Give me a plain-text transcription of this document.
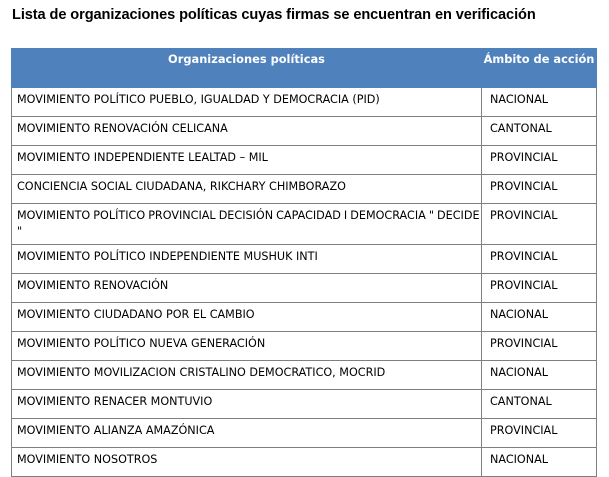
Lista de organizaciones políticas cuyas firmas se encuentran en verificación
Organizaciones políticas	Ámbito de acción
MOVIMIENTO POLÍTICO PUEBLO, IGUALDAD Y DEMOCRACIA (PID)	NACIONAL
MOVIMIENTO RENOVACIÓN CELICANA	CANTONAL
MOVIMIENTO INDEPENDIENTE LEALTAD – MIL	PROVINCIAL
CONCIENCIA SOCIAL CIUDADANA, RIKCHARY CHIMBORAZO	PROVINCIAL
MOVIMIENTO POLÍTICO PROVINCIAL DECISIÓN CAPACIDAD I DEMOCRACIA " DECIDE "	PROVINCIAL
MOVIMIENTO POLÍTICO INDEPENDIENTE MUSHUK INTI	PROVINCIAL
MOVIMIENTO RENOVACIÓN	PROVINCIAL
MOVIMIENTO CIUDADANO POR EL CAMBIO	NACIONAL
MOVIMIENTO POLÍTICO NUEVA GENERACIÓN	PROVINCIAL
MOVIMIENTO MOVILIZACION CRISTALINO DEMOCRATICO, MOCRID	NACIONAL
MOVIMIENTO RENACER MONTUVIO	CANTONAL
MOVIMIENTO ALIANZA AMAZÓNICA	PROVINCIAL
MOVIMIENTO NOSOTROS	NACIONAL
